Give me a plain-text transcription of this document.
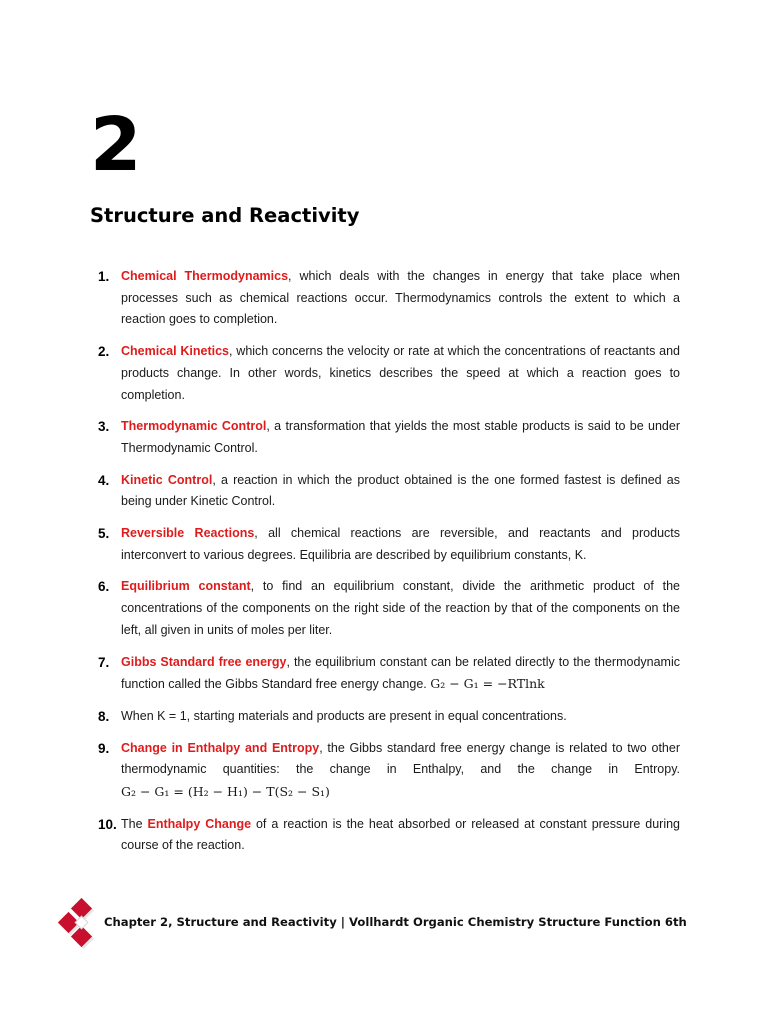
2
Structure and Reactivity
1. Chemical Thermodynamics, which deals with the changes in energy that take place when processes such as chemical reactions occur. Thermodynamics controls the extent to which a reaction goes to completion.
2. Chemical Kinetics, which concerns the velocity or rate at which the concentrations of reactants and products change. In other words, kinetics describes the speed at which a reaction goes to completion.
3. Thermodynamic Control, a transformation that yields the most stable products is said to be under Thermodynamic Control.
4. Kinetic Control, a reaction in which the product obtained is the one formed fastest is defined as being under Kinetic Control.
5. Reversible Reactions, all chemical reactions are reversible, and reactants and products interconvert to various degrees. Equilibria are described by equilibrium constants, K.
6. Equilibrium constant, to find an equilibrium constant, divide the arithmetic product of the concentrations of the components on the right side of the reaction by that of the components on the left, all given in units of moles per liter.
7. Gibbs Standard free energy, the equilibrium constant can be related directly to the thermodynamic function called the Gibbs Standard free energy change. G₂ − G₁ = −RTlnk
8. When K = 1, starting materials and products are present in equal concentrations.
9. Change in Enthalpy and Entropy, the Gibbs standard free energy change is related to two other thermodynamic quantities: the change in Enthalpy, and the change in Entropy. G₂ − G₁ = (H₂ − H₁) − T(S₂ − S₁)
10. The Enthalpy Change of a reaction is the heat absorbed or released at constant pressure during course of the reaction.
Chapter 2, Structure and Reactivity | Vollhardt Organic Chemistry Structure Function 6th
